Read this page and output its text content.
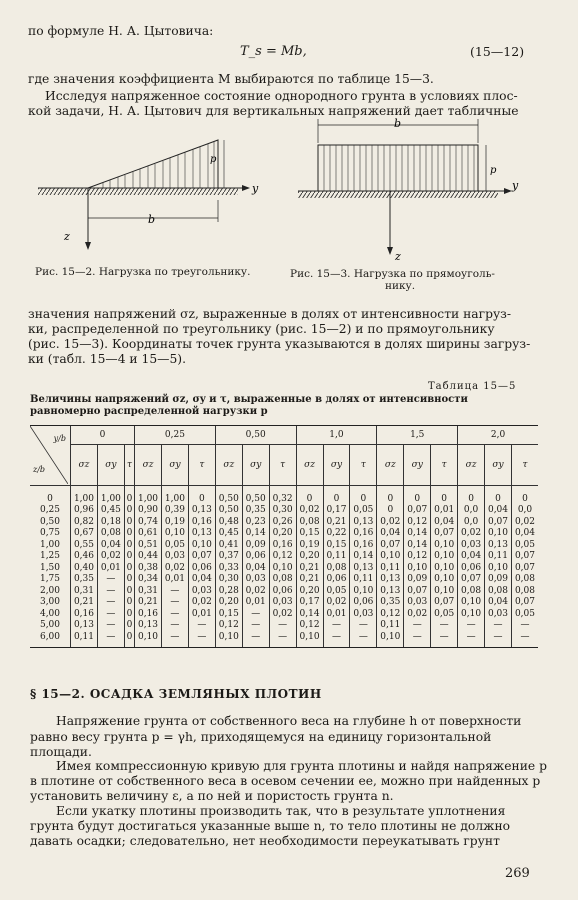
по формуле Н. А. Цытовича:
T_s = Mb,	(15—12)
где значения коэффициента M выбираются по таблице 15—3.
Исследуя напряженное состояние однородного грунта в условиях плос-
кой задачи, Н. А. Цытович для вертикальных напряжений дает табличные
y
p
z
b
Рис. 15—2. Нагрузка по треугольнику.
b
p
y
z
Рис. 15—3. Нагрузка по прямоуголь-
нику.
значения напряжений σz, выраженные в долях от интенсивности нагруз-
ки, распределенной по треугольнику (рис. 15—2) и по прямоугольнику
(рис. 15—3). Координаты точек грунта указываются в долях ширины загруз-
ки (табл. 15—4 и 15—5).
Таблица 15—5
Величины напряжений σz, σy и τ, выраженные в долях от интенсивности
равномерно распределенной нагрузки p
y/b
z/b	0			0,25			0,50			1,0			1,5			2,0		
	σz	σy	τ	σz	σy	τ	σz	σy	τ	σz	σy	τ	σz	σy	τ	σz	σy	τ
0	1,00	1,00	0	1,00	1,00	0	0,50	0,50	0,32	0	0	0	0	0	0	0	0	0
0,25	0,96	0,45	0	0,90	0,39	0,13	0,50	0,35	0,30	0,02	0,17	0,05	0	0,07	0,01	0,0	0,04	0,0
0,50	0,82	0,18	0	0,74	0,19	0,16	0,48	0,23	0,26	0,08	0,21	0,13	0,02	0,12	0,04	0,0	0,07	0,02
0,75	0,67	0,08	0	0,61	0,10	0,13	0,45	0,14	0,20	0,15	0,22	0,16	0,04	0,14	0,07	0,02	0,10	0,04
1,00	0,55	0,04	0	0,51	0,05	0,10	0,41	0,09	0,16	0,19	0,15	0,16	0,07	0,14	0,10	0,03	0,13	0,05
1,25	0,46	0,02	0	0,44	0,03	0,07	0,37	0,06	0,12	0,20	0,11	0,14	0,10	0,12	0,10	0,04	0,11	0,07
1,50	0,40	0,01	0	0,38	0,02	0,06	0,33	0,04	0,10	0,21	0,08	0,13	0,11	0,10	0,10	0,06	0,10	0,07
1,75	0,35	—	0	0,34	0,01	0,04	0,30	0,03	0,08	0,21	0,06	0,11	0,13	0,09	0,10	0,07	0,09	0,08
2,00	0,31	—	0	0,31	—	0,03	0,28	0,02	0,06	0,20	0,05	0,10	0,13	0,07	0,10	0,08	0,08	0,08
3,00	0,21	—	0	0,21	—	0,02	0,20	0,01	0,03	0,17	0,02	0,06	0,35	0,03	0,07	0,10	0,04	0,07
4,00	0,16	—	0	0,16	—	0,01	0,15	—	0,02	0,14	0,01	0,03	0,12	0,02	0,05	0,10	0,03	0,05
5,00	0,13	—	0	0,13	—	—	0,12	—	—	0,12	—	—	0,11	—	—	—	—	—
6,00	0,11	—	0	0,10	—	—	0,10	—	—	0,10	—	—	0,10	—	—	—	—	—
§ 15—2. ОСАДКА ЗЕМЛЯНЫХ ПЛОТИН
Напряжение грунта от собственного веса на глубине h от поверхности
равно весу грунта p = γh, приходящемуся на единицу горизонтальной
площади.
Имея компрессионную кривую для грунта плотины и найдя напряжение p
в плотине от собственного веса в осевом сечении ее, можно при найденных p
установить величину ε, а по ней и пористость грунта n.
Если укатку плотины производить так, что в результате уплотнения
грунта будут достигаться указанные выше n, то тело плотины не должно
давать осадки; следовательно, нет необходимости переукатывать грунт
269
